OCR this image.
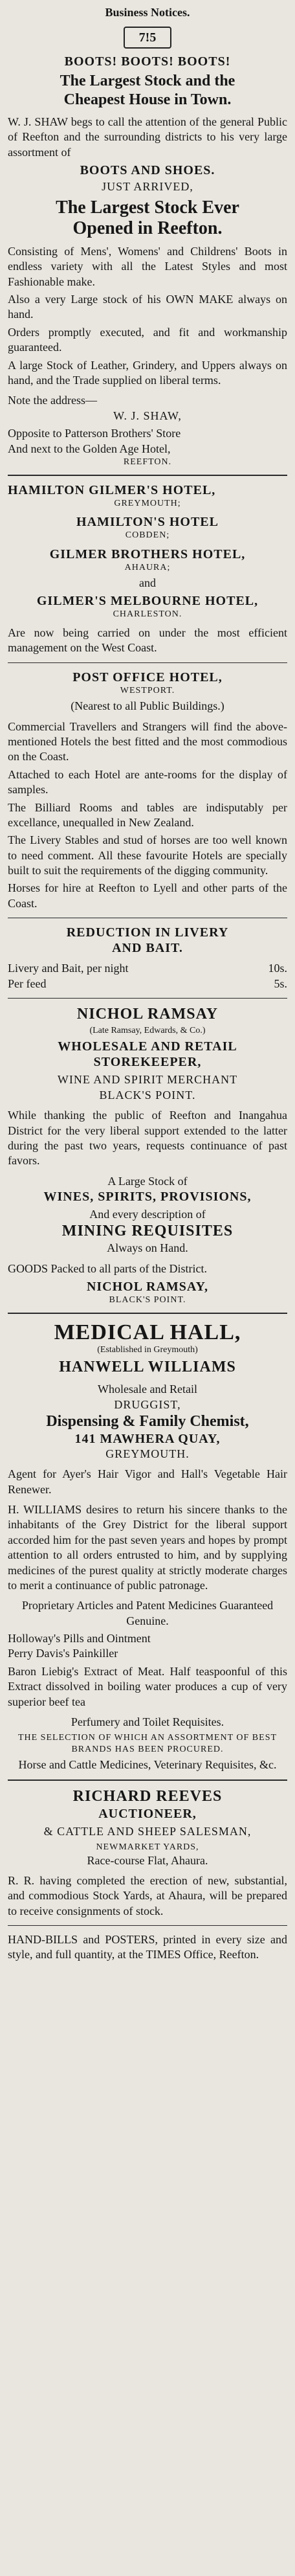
Business Notices.
7!5
BOOTS! BOOTS! BOOTS!
The Largest Stock and the
Cheapest House in Town.
W. J. SHAW begs to call the attention of the general Public of Reefton and the surrounding districts to his very large assortment of
BOOTS AND SHOES.
JUST ARRIVED,
The Largest Stock Ever
Opened in Reefton.
Consisting of Mens', Womens' and Childrens' Boots in endless variety with all the Latest Styles and most Fashionable make.
Also a very Large stock of his OWN MAKE always on hand.
Orders promptly executed, and fit and workmanship guaranteed.
A large Stock of Leather, Grindery, and Uppers always on hand, and the Trade supplied on liberal terms.
Note the address—
W. J. SHAW,
Opposite to Patterson Brothers' Store
And next to the Golden Age Hotel,
REEFTON.
HAMILTON GILMER'S HOTEL,
GREYMOUTH;
HAMILTON'S HOTEL
COBDEN;
GILMER BROTHERS HOTEL,
AHAURA;
and
GILMER'S MELBOURNE HOTEL,
CHARLESTON.
Are now being carried on under the most efficient management on the West Coast.
POST OFFICE HOTEL,
WESTPORT.
(Nearest to all Public Buildings.)
Commercial Travellers and Strangers will find the above-mentioned Hotels the best fitted and the most commodious on the Coast.
Attached to each Hotel are ante-rooms for the display of samples.
The Billiard Rooms and tables are indisputably per excellance, unequalled in New Zealand.
The Livery Stables and stud of horses are too well known to need comment. All these favourite Hotels are specially built to suit the requirements of the digging community.
Horses for hire at Reefton to Lyell and other parts of the Coast.
REDUCTION IN LIVERY
AND BAIT.
Livery and Bait, per night	10s.
Per feed	5s.
NICHOL RAMSAY
(Late Ramsay, Edwards, & Co.)
WHOLESALE AND RETAIL
STOREKEEPER,
WINE AND SPIRIT MERCHANT
BLACK'S POINT.
While thanking the public of Reefton and Inangahua District for the very liberal support extended to the latter during the past two years, requests continuance of past favors.
A Large Stock of
WINES, SPIRITS, PROVISIONS,
And every description of
MINING REQUISITES
Always on Hand.
GOODS Packed to all parts of the District.
NICHOL RAMSAY,
BLACK'S POINT.
MEDICAL HALL,
(Established in Greymouth)
HANWELL WILLIAMS
Wholesale and Retail
DRUGGIST,
Dispensing & Family Chemist,
141 MAWHERA QUAY,
GREYMOUTH.
Agent for Ayer's Hair Vigor and Hall's Vegetable Hair Renewer.
H. WILLIAMS desires to return his sincere thanks to the inhabitants of the Grey District for the liberal support accorded him for the past seven years and hopes by prompt attention to all orders entrusted to him, and by supplying medicines of the purest quality at strictly moderate charges to merit a continuance of public patronage.
Proprietary Articles and Patent Medicines Guaranteed Genuine.
Holloway's Pills and Ointment
Perry Davis's Painkiller
Baron Liebig's Extract of Meat. Half teaspoonful of this Extract dissolved in boiling water produces a cup of very superior beef tea
Perfumery and Toilet Requisites.
THE SELECTION OF WHICH AN ASSORTMENT OF BEST BRANDS HAS BEEN PROCURED.
Horse and Cattle Medicines, Veterinary Requisites, &c.
RICHARD REEVES
AUCTIONEER,
& CATTLE AND SHEEP SALESMAN,
NEWMARKET YARDS,
Race-course Flat, Ahaura.
R. R. having completed the erection of new, substantial, and commodious Stock Yards, at Ahaura, will be prepared to receive consignments of stock.
HAND-BILLS and POSTERS, printed in every size and style, and full quantity, at the TIMES Office, Reefton.
